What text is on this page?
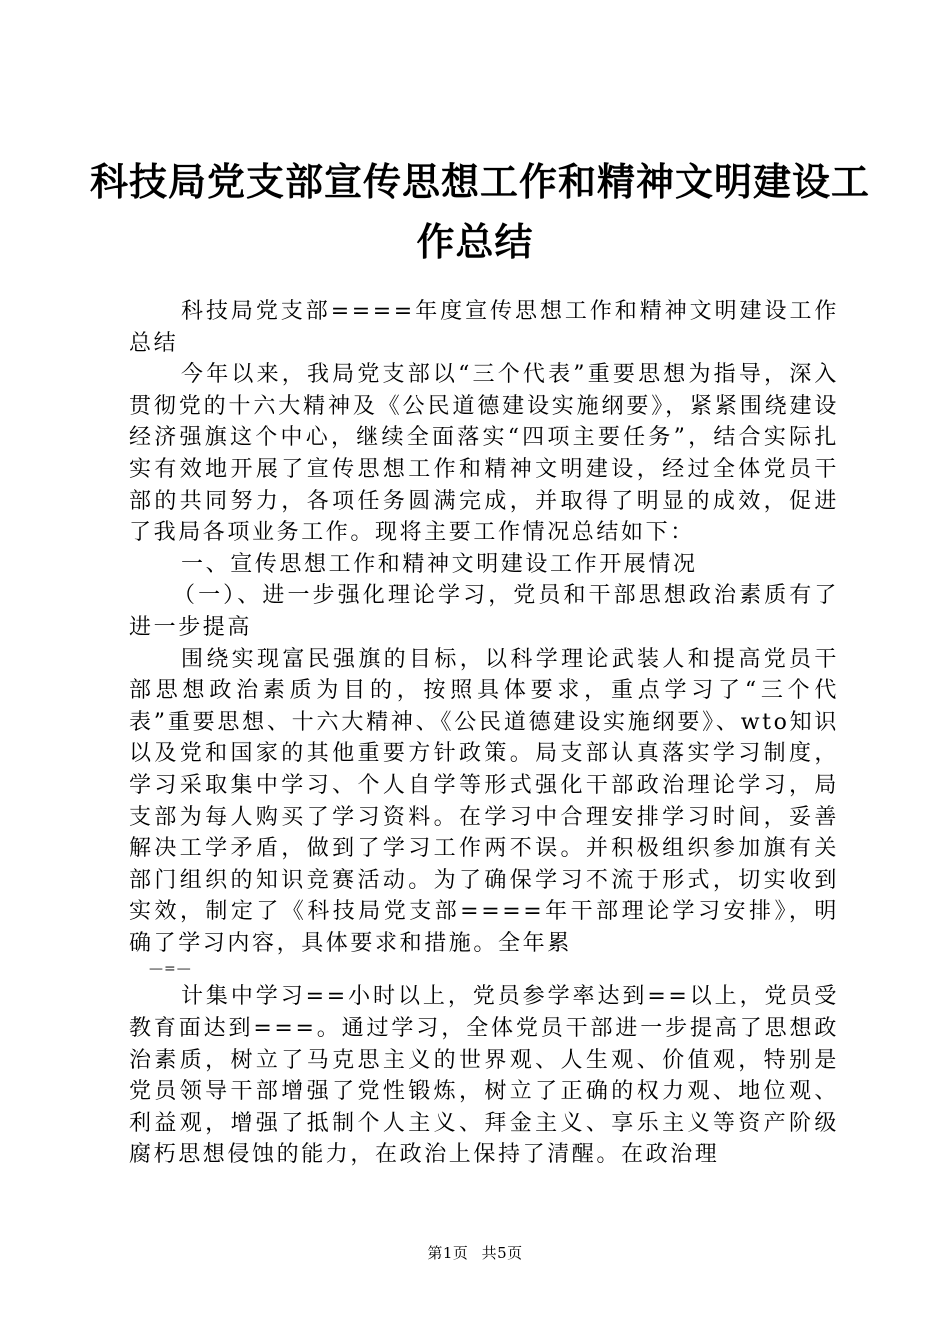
科技局党支部宣传思想工作和精神文明建设工
作总结

科技局党支部====年度宣传思想工作和精神文明建设工作总结

今年以来，我局党支部以“三个代表”重要思想为指导，深入贯彻党的十六大精神及《公民道德建设实施纲要》，紧紧围绕建设经济强旗这个中心，继续全面落实“四项主要任务”，结合实际扎实有效地开展了宣传思想工作和精神文明建设，经过全体党员干部的共同努力，各项任务圆满完成，并取得了明显的成效，促进了我局各项业务工作。现将主要工作情况总结如下：

一、宣传思想工作和精神文明建设工作开展情况

（一）、进一步强化理论学习，党员和干部思想政治素质有了进一步提高

围绕实现富民强旗的目标，以科学理论武装人和提高党员干部思想政治素质为目的，按照具体要求，重点学习了“三个代表”重要思想、十六大精神、《公民道德建设实施纲要》、wto知识以及党和国家的其他重要方针政策。局支部认真落实学习制度，学习采取集中学习、个人自学等形式强化干部政治理论学习，局支部为每人购买了学习资料。在学习中合理安排学习时间，妥善解决工学矛盾，做到了学习工作两不误。并积极组织参加旗有关部门组织的知识竞赛活动。为了确保学习不流于形式，切实收到实效，制定了《科技局党支部====年干部理论学习安排》，明确了学习内容，具体要求和措施。全年累

—=—

计集中学习==小时以上，党员参学率达到==以上，党员受教育面达到===。通过学习，全体党员干部进一步提高了思想政治素质，树立了马克思主义的世界观、人生观、价值观，特别是党员领导干部增强了党性锻炼，树立了正确的权力观、地位观、利益观，增强了抵制个人主义、拜金主义、享乐主义等资产阶级腐朽思想侵蚀的能力，在政治上保持了清醒。在政治理

第1页 共5页
